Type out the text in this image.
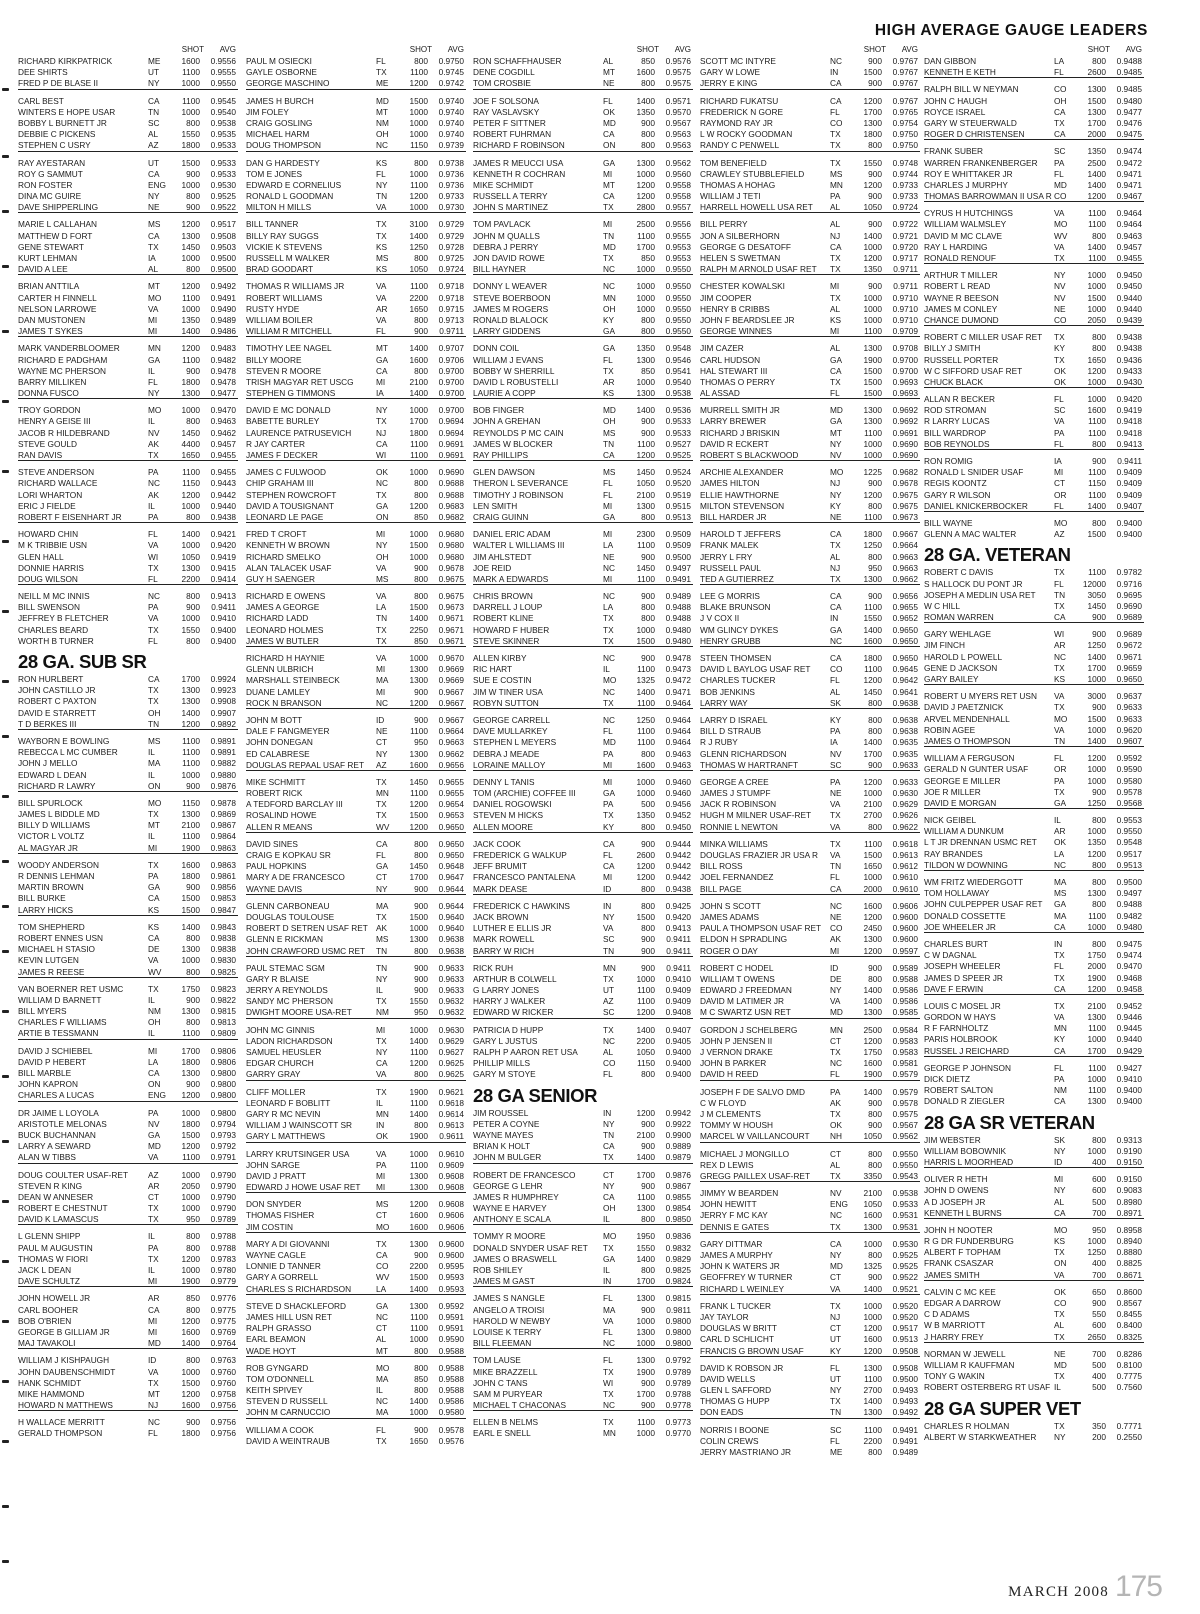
HIGH AVERAGE GAUGE LEADERS
SHOT	AVG
RICHARD KIRKPATRICK	ME	1600	0.9556
DEE SHIRTS	UT	1100	0.9555
FRED P DE BLASE II	NY	1000	0.9550
CARL BEST	CA	1100	0.9545
WINTERS E HOPE USAR	TN	1000	0.9540
BOBBY L BURNETT JR	SC	800	0.9538
DEBBIE C PICKENS	AL	1550	0.9535
STEPHEN C USRY	AZ	1800	0.9533
RAY AYESTARAN	UT	1500	0.9533
ROY G SAMMUT	CA	900	0.9533
RON FOSTER	ENG	1000	0.9530
DINA MC GUIRE	NY	800	0.9525
DAVE SHIPPERLING	NE	900	0.9522
MARIE L CALLAHAN	MS	1200	0.9517
MATTHEW D FORT	CA	1300	0.9508
GENE STEWART	TX	1450	0.9503
KURT LEHMAN	IA	1000	0.9500
DAVID A LEE	AL	800	0.9500
BRIAN ANTTILA	MT	1200	0.9492
CARTER H FINNELL	MO	1100	0.9491
NELSON LARROWE	VA	1000	0.9490
DAN MUSTONEN	MI	1350	0.9489
JAMES T SYKES	MI	1400	0.9486
MARK VANDERBLOOMER	MN	1200	0.9483
RICHARD E PADGHAM	GA	1100	0.9482
WAYNE MC PHERSON	IL	900	0.9478
BARRY MILLIKEN	FL	1800	0.9478
DONNA FUSCO	NY	1300	0.9477
TROY GORDON	MO	1000	0.9470
HENRY A GEISE III	IL	800	0.9463
JACOB R HILDEBRAND	NV	1450	0.9462
STEVE GOULD	AK	4400	0.9457
RAN DAVIS	TX	1650	0.9455
STEVE ANDERSON	PA	1100	0.9455
RICHARD WALLACE	NC	1150	0.9443
LORI WHARTON	AK	1200	0.9442
ERIC J FIELDE	IL	1000	0.9440
ROBERT F EISENHART JR	PA	800	0.9438
HOWARD CHIN	FL	1400	0.9421
M K TRIBBIE USN	VA	1000	0.9420
GLEN HALL	WI	1050	0.9419
DONNIE HARRIS	TX	1300	0.9415
DOUG WILSON	FL	2200	0.9414
NEILL M MC INNIS	NC	800	0.9413
BILL SWENSON	PA	900	0.9411
JEFFREY B FLETCHER	VA	1000	0.9410
CHARLES BEARD	TX	1550	0.9400
WORTH B TURNER	FL	800	0.9400
28 GA. SUB SR
RON HURLBERT	CA	1700	0.9924
JOHN CASTILLO JR	TX	1300	0.9923
ROBERT C PAXTON	TX	1300	0.9908
DAVID E STARRETT	OH	1400	0.9907
T D BERKES III	TN	1200	0.9892
WAYBORN E BOWLING	MS	1100	0.9891
REBECCA L MC CUMBER	IL	1100	0.9891
JOHN J MELLO	MA	1100	0.9882
EDWARD L DEAN	IL	1000	0.9880
RICHARD R LAWRY	ON	900	0.9876
BILL SPURLOCK	MO	1150	0.9878
JAMES L BIDDLE MD	TX	1300	0.9869
BILLY D WILLIAMS	MT	2100	0.9867
VICTOR L VOLTZ	IL	1100	0.9864
AL MAGYAR JR	MI	1900	0.9863
WOODY ANDERSON	TX	1600	0.9863
R DENNIS LEHMAN	PA	1800	0.9861
MARTIN BROWN	GA	900	0.9856
BILL BURKE	CA	1500	0.9853
LARRY HICKS	KS	1500	0.9847
TOM SHEPHERD	KS	1400	0.9843
ROBERT ENNES USN	CA	800	0.9838
MICHAEL H STASIO	DE	1300	0.9838
KEVIN LUTGEN	VA	1000	0.9830
JAMES R REESE	WV	800	0.9825
VAN BOERNER RET USMC	TX	1750	0.9823
WILLIAM D BARNETT	IL	900	0.9822
BILL MYERS	NM	1300	0.9815
CHARLES F WILLIAMS	OH	800	0.9813
ARTIE B TESSMANN	IL	1100	0.9809
DAVID J SCHIEBEL	MI	1700	0.9806
DAVID P HEBERT	LA	1800	0.9806
BILL MARBLE	CA	1300	0.9800
JOHN KAPRON	ON	900	0.9800
CHARLES A LUCAS	ENG	1200	0.9800
DR JAIME L LOYOLA	PA	1000	0.9800
ARISTOTLE MELONAS	NV	1800	0.9794
BUCK BUCHANNAN	GA	1500	0.9793
LARRY A SEWARD	MD	1200	0.9792
ALAN W TIBBS	VA	1100	0.9791
DOUG COULTER USAF-RET	AZ	1000	0.9790
STEVEN R KING	AR	2050	0.9790
DEAN W ANNESER	CT	1000	0.9790
ROBERT E CHESTNUT	TX	1000	0.9790
DAVID K LAMASCUS	TX	950	0.9789
L GLENN SHIPP	IL	800	0.9788
PAUL M AUGUSTIN	PA	800	0.9788
THOMAS W FIORI	TX	1200	0.9783
JACK L DEAN	IL	1000	0.9780
DAVE SCHULTZ	MI	1900	0.9779
JOHN HOWELL JR	AR	850	0.9776
CARL BOOHER	CA	800	0.9775
BOB O'BRIEN	MI	1200	0.9775
GEORGE B GILLIAM JR	MI	1600	0.9769
MAJ TAVAKOLI	MD	1400	0.9764
WILLIAM J KISHPAUGH	ID	800	0.9763
JOHN DAUBENSCHMIDT	VA	1000	0.9760
HANK SCHMIDT	TX	1500	0.9760
MIKE HAMMOND	MT	1200	0.9758
HOWARD N MATTHEWS	NJ	1600	0.9756
H WALLACE MERRITT	NC	900	0.9756
GERALD THOMPSON	FL	1800	0.9756
SHOT	AVG
PAUL M OSIECKI	FL	800	0.9750
GAYLE OSBORNE	TX	1100	0.9745
GEORGE MASCHINO	ME	1200	0.9742
JAMES H BURCH	MD	1500	0.9740
JIM FOLEY	MT	1000	0.9740
CRAIG GOSLING	NM	1000	0.9740
MICHAEL HARM	OH	1000	0.9740
DOUG THOMPSON	NC	1150	0.9739
DAN G HARDESTY	KS	800	0.9738
TOM E JONES	FL	1000	0.9736
EDWARD E CORNELIUS	NY	1100	0.9736
RONALD L GOODMAN	TN	1200	0.9733
MILTON H MILLS	VA	1000	0.9730
BILL TANNER	TX	3100	0.9729
BILLY RAY SUGGS	TX	1400	0.9729
VICKIE K STEVENS	KS	1250	0.9728
RUSSELL M WALKER	MS	800	0.9725
BRAD GOODART	KS	1050	0.9724
THOMAS R WILLIAMS JR	VA	1100	0.9718
ROBERT WILLIAMS	VA	2200	0.9718
RUSTY HYDE	AR	1650	0.9715
WILLIAM BOILER	VA	800	0.9713
WILLIAM R MITCHELL	FL	900	0.9711
TIMOTHY LEE NAGEL	MT	1400	0.9707
BILLY MOORE	GA	1600	0.9706
STEVEN R MOORE	CA	800	0.9700
TRISH MAGYAR RET USCG	MI	2100	0.9700
STEPHEN G TIMMONS	IA	1400	0.9700
DAVID E MC DONALD	NY	1000	0.9700
BABETTE BURLEY	TX	1700	0.9694
LAURENCE PATRUSEVICH	NJ	1800	0.9694
R JAY CARTER	CA	1100	0.9691
JAMES F DECKER	WI	1100	0.9691
JAMES C FULWOOD	OK	1000	0.9690
CHIP GRAHAM III	NC	800	0.9688
STEPHEN ROWCROFT	TX	800	0.9688
DAVID A TOUSIGNANT	GA	1200	0.9683
LEONARD LE PAGE	ON	850	0.9682
FRED T CROFT	MI	1000	0.9680
KENNETH W BROWN	NY	1500	0.9680
RICHARD SMELKO	OH	1000	0.9680
ALAN TALACEK USAF	VA	900	0.9678
GUY H SAENGER	MS	800	0.9675
RICHARD E OWENS	VA	800	0.9675
JAMES A GEORGE	LA	1500	0.9673
RICHARD LADD	TN	1400	0.9671
LEONARD HOLMES	TX	2250	0.9671
JAMES W BUTLER	TX	850	0.9671
RICHARD H HAYNIE	VA	1000	0.9670
GLENN ULBRICH	MI	1300	0.9669
MARSHALL STEINBECK	MA	1300	0.9669
DUANE LAMLEY	MI	900	0.9667
ROCK N BRANSON	NC	1200	0.9667
JOHN M BOTT	ID	900	0.9667
DALE F FANGMEYER	NE	1100	0.9664
JOHN DONEGAN	CT	950	0.9663
ED CALABRESE	NY	1300	0.9662
DOUGLAS REPAAL USAF RET	AZ	1600	0.9656
MIKE SCHMITT	TX	1450	0.9655
ROBERT RICK	MN	1100	0.9655
A TEDFORD BARCLAY III	TX	1200	0.9654
ROSALIND HOWE	TX	1500	0.9653
ALLEN R MEANS	WV	1200	0.9650
DAVID SINES	CA	800	0.9650
CRAIG E KOPKAU SR	FL	800	0.9650
PAUL HOPKINS	GA	1450	0.9648
MARY A DE FRANCESCO	CT	1700	0.9647
WAYNE DAVIS	NY	900	0.9644
GLENN CARBONEAU	MA	900	0.9644
DOUGLAS TOULOUSE	TX	1500	0.9640
ROBERT D SETREN USAF RET AK	1000	0.9640
GLENN E RICKMAN	MS	1300	0.9638
JOHN CRAWFORD USMC RET	TN	800	0.9638
PAUL STEMAC SGM	TN	900	0.9633
GARY R BLAISE	NY	900	0.9633
JERRY A REYNOLDS	IL	900	0.9633
SANDY MC PHERSON	TX	1550	0.9632
DWIGHT MOORE USA-RET	NM	950	0.9632
JOHN MC GINNIS	MI	1000	0.9630
LADON RICHARDSON	TX	1400	0.9629
SAMUEL HEUSLER	NY	1100	0.9627
EDGAR CHURCH	CA	1200	0.9625
GARRY GRAY	VA	800	0.9625
CLIFF MOLLER	TX	1900	0.9621
LEONARD F BOBLITT	IL	1100	0.9618
GARY R MC NEVIN	MN	1400	0.9614
WILLIAM J WAINSCOTT SR	IN	800	0.9613
GARY L MATTHEWS	OK	1900	0.9611
LARRY KRUTSINGER USA	VA	1000	0.9610
JOHN SARGE	PA	1100	0.9609
DAVID J PRATT	MI	1300	0.9608
EDWARD J HOWE USAF RET	MI	1300	0.9608
DON SNYDER	MS	1200	0.9608
THOMAS FISHER	CT	1600	0.9606
JIM COSTIN	MO	1600	0.9606
MARY A DI GIOVANNI	TX	1300	0.9600
WAYNE CAGLE	CA	900	0.9600
LONNIE D TANNER	CO	2200	0.9595
GARY A GORRELL	WV	1500	0.9593
CHARLES S RICHARDSON	LA	1400	0.9593
STEVE D SHACKLEFORD	GA	1300	0.9592
JAMES HILL USN RET	NC	1100	0.9591
RALPH GRASSO	CT	1100	0.9591
EARL BEAMON	AL	1000	0.9590
WADE HOYT	MT	800	0.9588
ROB GYNGARD	MO	800	0.9588
TOM O'DONNELL	MA	850	0.9588
KEITH SPIVEY	IL	800	0.9588
STEVEN D RUSSELL	NC	1400	0.9586
JOHN M CARNUCCIO	MA	1000	0.9580
WILLIAM A COOK	FL	900	0.9578
DAVID A WEINTRAUB	TX	1650	0.9576
SHOT	AVG
RON SCHAFFHAUSER	AL	850	0.9576
DENE COGDILL	MT	1600	0.9575
TOM CROSBIE	NE	800	0.9575
JOE F SOLSONA	FL	1400	0.9571
RAY VASLAVSKY	OK	1350	0.9570
PETER F SITTNER	MD	900	0.9567
ROBERT FUHRMAN	CA	800	0.9563
RICHARD F ROBINSON	ON	800	0.9563
JAMES R MEUCCI USA	GA	1300	0.9562
KENNETH R COCHRAN	MI	1000	0.9560
MIKE SCHMIDT	MT	1200	0.9558
RUSSELL A TERRY	CA	1200	0.9558
JOHN S MARTINEZ	TX	2800	0.9557
TOM PAVLACK	MI	2500	0.9556
JOHN M QUALLS	TN	1100	0.9555
DEBRA J PERRY	MD	1700	0.9553
JON DAVID ROWE	TX	850	0.9553
BILL HAYNER	NC	1000	0.9550
DONNY L WEAVER	NC	1000	0.9550
STEVE BOERBOON	MN	1000	0.9550
JAMES M ROGERS	OH	1000	0.9550
RONALD BLALOCK	KY	800	0.9550
LARRY GIDDENS	GA	800	0.9550
DONN COIL	GA	1350	0.9548
WILLIAM J EVANS	FL	1300	0.9546
BOBBY W SHERRILL	TX	850	0.9541
DAVID L ROBUSTELLI	AR	1000	0.9540
LAURIE A COPP	KS	1300	0.9538
BOB FINGER	MD	1400	0.9536
JOHN A GREHAN	OH	900	0.9533
REYNOLDS P MC CAIN	MS	900	0.9533
JAMES W BLOCKER	TN	1100	0.9527
RAY PHILLIPS	CA	1200	0.9525
GLEN DAWSON	MS	1450	0.9524
THERON L SEVERANCE	FL	1050	0.9520
TIMOTHY J ROBINSON	FL	2100	0.9519
LEN SMITH	MI	1300	0.9515
CRAIG GUINN	GA	800	0.9513
DANIEL ERIC ADAM	MI	2300	0.9509
WALTER L WILLIAMS III	LA	1100	0.9509
JIM AHLSTEDT	NE	900	0.9500
JOE REID	NC	1450	0.9497
MARK A EDWARDS	MI	1100	0.9491
CHRIS BROWN	NC	900	0.9489
DARRELL J LOUP	LA	800	0.9488
ROBERT KLINE	TX	800	0.9488
HOWARD F HUBER	TX	1000	0.9480
STEVE SKINNER	TX	1500	0.9480
ALLEN KIRBY	NC	900	0.9478
RIC HART	IL	1100	0.9473
SUE E COSTIN	MO	1325	0.9472
JIM W TINER USA	NC	1400	0.9471
ROBYN SUTTON	TX	1100	0.9464
GEORGE CARRELL	NC	1250	0.9464
DAVE MULLARKEY	FL	1100	0.9464
STEPHEN L MEYERS	MD	1100	0.9464
DEBRA J MEADE	PA	800	0.9463
LORAINE MALLOY	MI	1600	0.9463
DENNY L TANIS	MI	1000	0.9460
TOM (ARCHIE) COFFEE III	GA	1000	0.9460
DANIEL ROGOWSKI	PA	500	0.9456
STEVEN M HICKS	TX	1350	0.9452
ALLEN MOORE	KY	800	0.9450
JACK COOK	CA	900	0.9444
FREDERICK G WALKUP	FL	2600	0.9442
JEFF BRUMIT	CA	1200	0.9442
FRANCESCO PANTALENA	MI	1200	0.9442
MARK DEASE	ID	800	0.9438
FREDERICK C HAWKINS	IN	800	0.9425
JACK BROWN	NY	1500	0.9420
LUTHER E ELLIS JR	VA	800	0.9413
MARK ROWELL	SC	900	0.9411
BARRY W RICH	TN	900	0.9411
RICK RUH	MN	900	0.9411
ARTHUR B COLWELL	TX	1000	0.9410
G LARRY JONES	UT	1100	0.9409
HARRY J WALKER	AZ	1100	0.9409
EDWARD W RICKER	SC	1200	0.9408
PATRICIA D HUPP	TX	1400	0.9407
GARY L JUSTUS	NC	2200	0.9405
RALPH P AARON RET USA	AL	1050	0.9400
PHILLIP MILLS	CO	1150	0.9400
GARY M STOYE	FL	800	0.9400
28 GA SENIOR
JIM ROUSSEL	IN	1200	0.9942
PETER A COYNE	NY	900	0.9922
WAYNE MAYES	TN	2100	0.9900
BRIAN K HOLT	CA	900	0.9889
JOHN M BULGER	TX	1400	0.9879
ROBERT DE FRANCESCO	CT	1700	0.9876
GEORGE G LEHR	NY	900	0.9867
JAMES R HUMPHREY	CA	1100	0.9855
WAYNE E HARVEY	OH	1300	0.9854
ANTHONY E SCALA	IL	800	0.9850
TOMMY R MOORE	MO	1950	0.9836
DONALD SNYDER USAF RET	TX	1550	0.9832
JAMES O BRASWELL	GA	1400	0.9829
ROB SHILEY	IL	800	0.9825
JAMES M GAST	IN	1700	0.9824
JAMES S NANGLE	FL	1300	0.9815
ANGELO A TROISI	MA	900	0.9811
HAROLD W NEWBY	VA	1000	0.9800
LOUISE K TERRY	FL	1300	0.9800
BILL FLEEMAN	NC	1000	0.9800
TOM LAUSE	FL	1300	0.9792
MIKE BRAZZELL	TX	1900	0.9789
JOHN C TANS	WI	900	0.9789
SAM M PURYEAR	TX	1700	0.9788
MICHAEL T CHACONAS	NC	900	0.9778
ELLEN B NELMS	TX	1100	0.9773
EARL E SNELL	MN	1000	0.9770
SHOT	AVG
SCOTT MC INTYRE	NC	900	0.9767
GARY W LOWE	IN	1500	0.9767
JERRY E KING	CA	900	0.9767
RICHARD FUKATSU	CA	1200	0.9767
FREDERICK N GORE	FL	1700	0.9765
RAYMOND RAY JR	CO	1300	0.9754
L W ROCKY GOODMAN	TX	1800	0.9750
RANDY C PENWELL	TX	800	0.9750
TOM BENEFIELD	TX	1550	0.9748
CRAWLEY STUBBLEFIELD	MS	900	0.9744
THOMAS A HOHAG	MN	1200	0.9733
WILLIAM J TETI	PA	900	0.9733
HARRELL HOWELL USA RET	AL	1050	0.9724
BILL PERRY	AL	900	0.9722
JON A SILBERHORN	NJ	1400	0.9721
GEORGE G DESATOFF	CA	1000	0.9720
HELEN S SWETMAN	TX	1200	0.9717
RALPH M ARNOLD USAF RET	TX	1350	0.9711
CHESTER KOWALSKI	MI	900	0.9711
JIM COOPER	TX	1000	0.9710
HENRY B CRIBBS	AL	1000	0.9710
JOHN F BEARDSLEE JR	KS	1000	0.9710
GEORGE WINNES	MI	1100	0.9709
JIM CAZER	AL	1300	0.9708
CARL HUDSON	GA	1900	0.9700
HAL STEWART III	CA	1500	0.9700
THOMAS O PERRY	TX	1500	0.9693
AL ASSAD	FL	1500	0.9693
MURRELL SMITH JR	MD	1300	0.9692
LARRY BREWER	GA	1300	0.9692
RICHARD J BRISKIN	MT	1100	0.9691
DAVID R ECKERT	NY	1000	0.9690
ROBERT S BLACKWOOD	NV	1000	0.9690
ARCHIE ALEXANDER	MO	1225	0.9682
JAMES HILTON	NJ	900	0.9678
ELLIE HAWTHORNE	NY	1200	0.9675
MILTON STEVENSON	KY	800	0.9675
BILL HARDER JR	NE	1100	0.9673
HAROLD T JEFFERS	CA	1800	0.9667
FRANK MALEK	TX	1250	0.9664
JERRY L FRY	AL	800	0.9663
RUSSELL PAUL	NJ	950	0.9663
TED A GUTIERREZ	TX	1300	0.9662
LEE G MORRIS	CA	900	0.9656
BLAKE BRUNSON	CA	1100	0.9655
J V COX II	IN	1550	0.9652
WM GLINCY DYKES	GA	1400	0.9650
HENRY GRUBB	NC	1600	0.9650
STEEN THOMSEN	CA	1800	0.9650
DAVID L BAYLOG USAF RET	CO	1100	0.9645
CHARLES TUCKER	FL	1200	0.9642
BOB JENKINS	AL	1450	0.9641
LARRY WAY	SK	800	0.9638
LARRY D ISRAEL	KY	800	0.9638
BILL D STRAUB	PA	800	0.9638
R J RUBY	IA	1400	0.9635
GLENN RICHARDSON	NV	1700	0.9635
THOMAS W HARTRANFT	SC	900	0.9633
GEORGE A CREE	PA	1200	0.9633
JAMES J STUMPF	NE	1000	0.9630
JACK R ROBINSON	VA	2100	0.9629
HUGH M MILNER USAF-RET	TX	2700	0.9626
RONNIE L NEWTON	VA	800	0.9622
MINKA WILLIAMS	TX	1100	0.9618
DOUGLAS FRAZIER JR USA R	VA	1500	0.9613
BILL ROSS	TN	1650	0.9612
JOEL FERNANDEZ	FL	1000	0.9610
BILL PAGE	CA	2000	0.9610
JOHN S SCOTT	NC	1600	0.9606
JAMES ADAMS	NE	1200	0.9600
PAUL A THOMPSON USAF RET	CO	2450	0.9600
ELDON H SPRADLING	AK	1300	0.9600
ROGER O DAY	MI	1200	0.9597
ROBERT C HODEL	ID	900	0.9589
WILLIAM T OWENS	DE	800	0.9588
EDWARD J FREEDMAN	NY	1400	0.9586
DAVID M LATIMER JR	VA	1400	0.9586
M C SWARTZ USN RET	MD	1300	0.9585
GORDON J SCHELBERG	MN	2500	0.9584
JOHN P JENSEN II	CT	1200	0.9583
J VERNON DRAKE	TX	1750	0.9583
JOHN B PARKER	NC	1600	0.9581
DAVID H REED	FL	1900	0.9579
JOSEPH F DE SALVO DMD	PA	1400	0.9579
C W FLOYD	AK	900	0.9578
J M CLEMENTS	TX	800	0.9575
TOMMY W HOUSH	OK	900	0.9567
MARCEL W VAILLANCOURT	NH	1050	0.9562
MICHAEL J MONGILLO	CT	800	0.9550
REX D LEWIS	AL	800	0.9550
GREGG PAILLEX USAF-RET	TX	3350	0.9543
JIMMY W BEARDEN	NV	2100	0.9538
JOHN HEWITT	ENG	1050	0.9533
JERRY F MC KAY	NC	1600	0.9531
DENNIS E GATES	TX	1300	0.9531
GARY DITTMAR	CA	1000	0.9530
JAMES A MURPHY	NY	800	0.9525
JOHN K WATERS JR	MD	1325	0.9525
GEOFFREY W TURNER	CT	900	0.9522
RICHARD L WEINLEY	VA	1400	0.9521
FRANK L TUCKER	TX	1000	0.9520
JAY TAYLOR	NJ	1000	0.9520
DOUGLAS W BRITT	CT	1200	0.9517
CARL D SCHLICHT	UT	1600	0.9513
FRANCIS G BROWN USAF	KY	1200	0.9508
DAVID K ROBSON JR	FL	1300	0.9508
DAVID WELLS	UT	1100	0.9500
GLEN L SAFFORD	NY	2700	0.9493
THOMAS G HUPP	TX	1400	0.9493
DON EADS	TN	1300	0.9492
NORRIS I BOONE	SC	1100	0.9491
COLIN CREWS	FL	2200	0.9491
JERRY MASTRIANO JR	ME	800	0.9489
SHOT	AVG
DAN GIBBON	LA	800	0.9488
KENNETH E KETH	FL	2600	0.9485
RALPH BILL W NEYMAN	CO	1300	0.9485
JOHN C HAUGH	OH	1500	0.9480
ROYCE ISRAEL	CA	1300	0.9477
GARY W STEUERWALD	TX	1700	0.9476
ROGER D CHRISTENSEN	CA	2000	0.9475
FRANK SUBER	SC	1350	0.9474
WARREN FRANKENBERGER	PA	2500	0.9472
ROY E WHITTAKER JR	FL	1400	0.9471
CHARLES J MURPHY	MD	1400	0.9471
THOMAS BARROWMAN II USA R CO	1200	0.9467
CYRUS H HUTCHINGS	VA	1100	0.9464
WILLIAM WALMSLEY	MO	1100	0.9464
DAVID M MC CLAVE	WV	800	0.9463
RAY L HARDING	VA	1400	0.9457
RONALD RENOUF	TX	1100	0.9455
ARTHUR T MILLER	NY	1000	0.9450
ROBERT L READ	NV	1000	0.9450
WAYNE R BEESON	NV	1500	0.9440
JAMES M CONLEY	NE	1000	0.9440
CHANCE DUMOND	CO	2050	0.9439
ROBERT C MILLER USAF RET	TX	800	0.9438
BILLY J SMITH	KY	800	0.9438
RUSSELL PORTER	TX	1650	0.9436
W C SIFFORD USAF RET	OK	1200	0.9433
CHUCK BLACK	OK	1000	0.9430
ALLAN R BECKER	FL	1000	0.9420
ROD STROMAN	SC	1600	0.9419
R LARRY LUCAS	VA	1100	0.9418
BILL WARDROP	PA	1100	0.9418
BOB REYNOLDS	FL	800	0.9413
RON ROMIG	IA	900	0.9411
RONALD L SNIDER USAF	MI	1100	0.9409
REGIS KOONTZ	CT	1150	0.9409
GARY R WILSON	OR	1100	0.9409
DANIEL KNICKERBOCKER	FL	1400	0.9407
BILL WAYNE	MO	800	0.9400
GLENN A MAC WALTER	AZ	1500	0.9400
28 GA. VETERAN
ROBERT C DAVIS	TX	1100	0.9782
S HALLOCK DU PONT JR	FL	12000	0.9716
JOSEPH A MEDLIN USA RET	TN	3050	0.9695
W C HILL	TX	1450	0.9690
ROMAN WARREN	CA	900	0.9689
GARY WEHLAGE	WI	900	0.9689
JIM FINCH	AR	1250	0.9672
HAROLD L POWELL	NC	1400	0.9671
GENE D JACKSON	TX	1700	0.9659
GARY BAILEY	KS	1000	0.9650
ROBERT U MYERS RET USN	VA	3000	0.9637
DAVID J PAETZNICK	TX	900	0.9633
ARVEL MENDENHALL	MO	1500	0.9633
ROBIN AGEE	VA	1000	0.9620
JAMES O THOMPSON	TN	1400	0.9607
WILLIAM A FERGUSON	FL	1200	0.9592
GERALD N GUNTER USAF	OR	1000	0.9590
GEORGE E MILLER	PA	1000	0.9580
JOE R MILLER	TX	900	0.9578
DAVID E MORGAN	GA	1250	0.9568
NICK GEIBEL	IL	800	0.9553
WILLIAM A DUNKUM	AR	1000	0.9550
L T JR DRENNAN USMC RET	OK	1350	0.9548
RAY BRANDES	LA	1200	0.9517
TILDON W DOWNING	NC	800	0.9513
WM FRITZ WIEDERGOTT	MA	800	0.9500
TOM HOLLAWAY	MS	1300	0.9497
JOHN CULPEPPER USAF RET	GA	800	0.9488
DONALD COSSETTE	MA	1100	0.9482
JOE WHEELER JR	CA	1000	0.9480
CHARLES BURT	IN	800	0.9475
C W DAGNAL	TX	1750	0.9474
JOSEPH WHEELER	FL	2000	0.9470
JAMES D SPEER JR	TX	1900	0.9468
DAVE F ERWIN	CA	1200	0.9458
LOUIS C MOSEL JR	TX	2100	0.9452
GORDON W HAYS	VA	1300	0.9446
R F FARNHOLTZ	MN	1100	0.9445
PARIS HOLBROOK	KY	1000	0.9440
RUSSEL J REICHARD	CA	1700	0.9429
GEORGE P JOHNSON	FL	1100	0.9427
DICK DIETZ	PA	1000	0.9410
ROBERT SALTON	NM	1100	0.9400
DONALD R ZIEGLER	CA	1300	0.9400
28 GA SR VETERAN
JIM WEBSTER	SK	800	0.9313
WILLIAM BOBOWNIK	NY	1000	0.9190
HARRIS L MOORHEAD	ID	400	0.9150
OLIVER R HETH	MI	600	0.9150
JOHN D OWENS	NY	600	0.9083
A D JOSEPH JR	AL	500	0.8980
KENNETH L BURNS	CA	700	0.8971
JOHN H NOOTER	MO	950	0.8958
R G DR FUNDERBURG	KS	1000	0.8940
ALBERT F TOPHAM	TX	1250	0.8880
FRANK CSASZAR	ON	400	0.8825
JAMES SMITH	VA	700	0.8671
CALVIN C MC KEE	OK	650	0.8600
EDGAR A DARROW	CO	900	0.8567
C D ADAMS	TX	550	0.8455
W B MARRIOTT	AL	600	0.8400
J HARRY FREY	TX	2650	0.8325
NORMAN W JEWELL	NE	700	0.8286
WILLIAM R KAUFFMAN	MD	500	0.8100
TONY G WAKIN	TX	400	0.7775
ROBERT OSTERBERG RT USAF IL	500	0.7560
28 GA SUPER VET
CHARLES R HOLMAN	TX	350	0.7771
ALBERT W STARKWEATHER	NY	200	0.2550
MARCH 2008 175
